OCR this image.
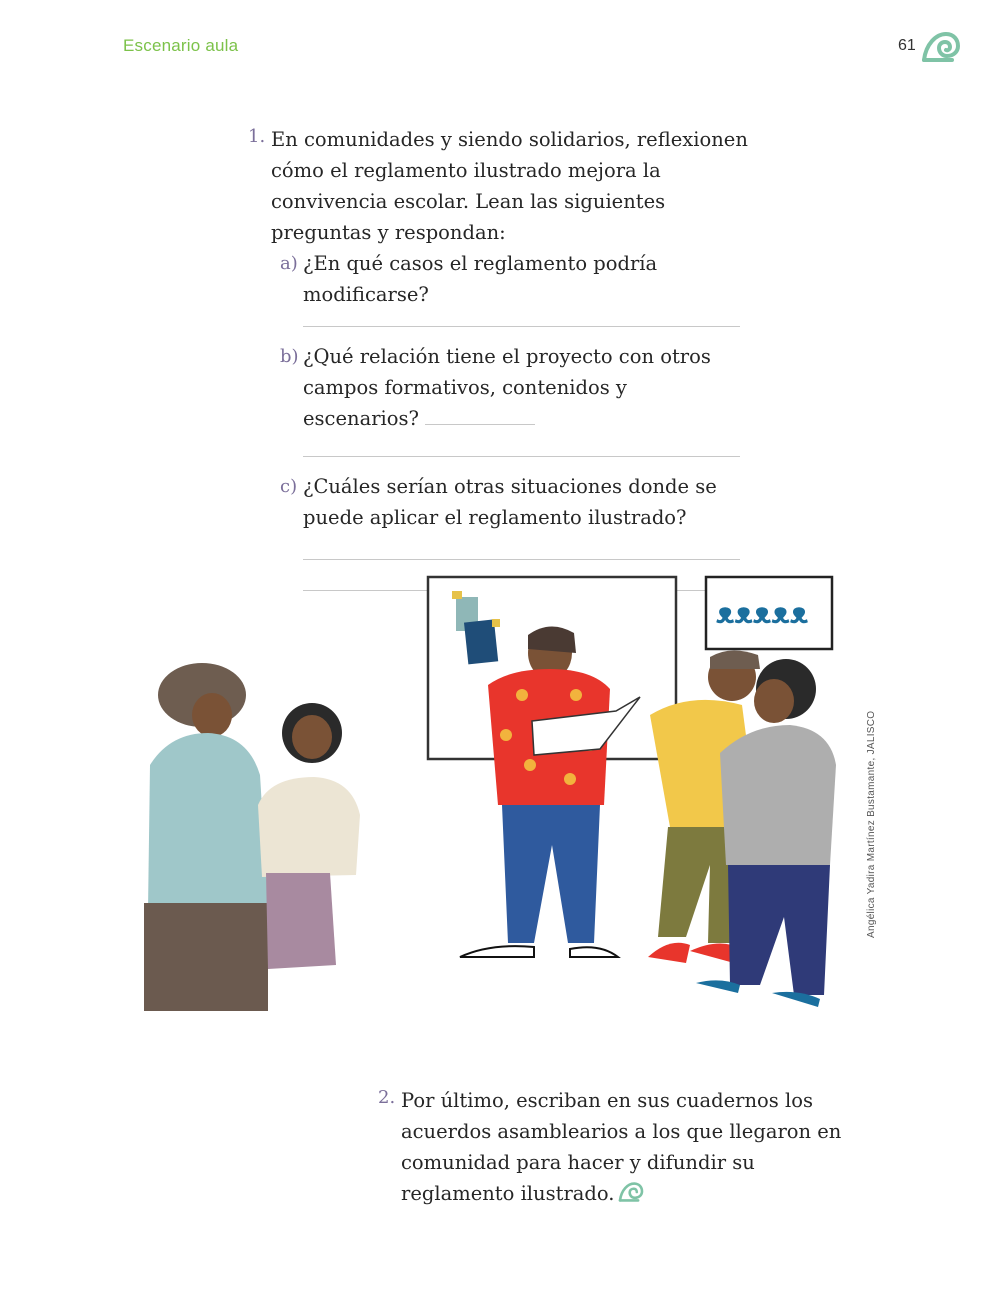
Escenario aula	61
1. En comunidades y siendo solidarios, reflexionen cómo el reglamento ilustrado mejora la convivencia escolar. Lean las siguientes preguntas y respondan:
a) ¿En qué casos el reglamento podría modificarse?
b) ¿Qué relación tiene el proyecto con otros campos formativos, contenidos y escenarios?
c) ¿Cuáles serían otras situaciones donde se puede aplicar el reglamento ilustrado?
ᴥᴥᴥᴥᴥ
Angélica Yadira Martínez Bustamante, JALISCO
2. Por último, escriban en sus cuadernos los acuerdos asamblearios a los que llegaron en comunidad para hacer y difundir su reglamento ilustrado.
